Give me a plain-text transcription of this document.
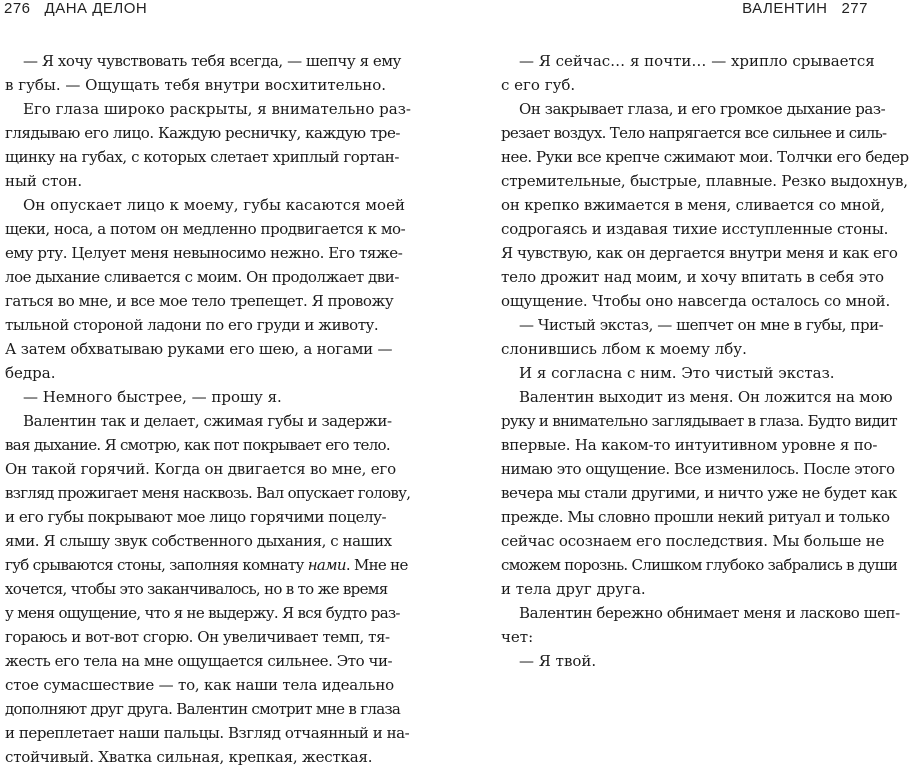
276 ДАНА ДЕЛОН	ВАЛЕНТИН 277
— Я хочу чувствовать тебя всегда, — шепчу я ему
в губы. — Ощущать тебя внутри восхитительно.
Его глаза широко раскрыты, я внимательно раз-
глядываю его лицо. Каждую ресничку, каждую тре-
щинку на губах, с которых слетает хриплый гортан-
ный стон.
Он опускает лицо к моему, губы касаются моей
щеки, носа, а потом он медленно продвигается к мо-
ему рту. Целует меня невыносимо нежно. Его тяже-
лое дыхание сливается с моим. Он продолжает дви-
гаться во мне, и все мое тело трепещет. Я провожу
тыльной стороной ладони по его груди и животу.
А затем обхватываю руками его шею, а ногами —
бедра.
— Немного быстрее, — прошу я.
Валентин так и делает, сжимая губы и задержи-
вая дыхание. Я смотрю, как пот покрывает его тело.
Он такой горячий. Когда он двигается во мне, его
взгляд прожигает меня насквозь. Вал опускает голову,
и его губы покрывают мое лицо горячими поцелу-
ями. Я слышу звук собственного дыхания, с наших
губ срываются стоны, заполняя комнату нами. Мне не
хочется, чтобы это заканчивалось, но в то же время
у меня ощущение, что я не выдержу. Я вся будто раз-
гораюсь и вот-вот сгорю. Он увеличивает темп, тя-
жесть его тела на мне ощущается сильнее. Это чи-
стое сумасшествие — то, как наши тела идеально
дополняют друг друга. Валентин смотрит мне в глаза
и переплетает наши пальцы. Взгляд отчаянный и на-
стойчивый. Хватка сильная, крепкая, жесткая.
— Я сейчас… я почти… — хрипло срывается
с его губ.
Он закрывает глаза, и его громкое дыхание раз-
резает воздух. Тело напрягается все сильнее и силь-
нее. Руки все крепче сжимают мои. Толчки его бедер
стремительные, быстрые, плавные. Резко выдохнув,
он крепко вжимается в меня, сливается со мной,
содрогаясь и издавая тихие исступленные стоны.
Я чувствую, как он дергается внутри меня и как его
тело дрожит над моим, и хочу впитать в себя это
ощущение. Чтобы оно навсегда осталось со мной.
— Чистый экстаз, — шепчет он мне в губы, при-
слонившись лбом к моему лбу.
И я согласна с ним. Это чистый экстаз.
Валентин выходит из меня. Он ложится на мою
руку и внимательно заглядывает в глаза. Будто видит
впервые. На каком-то интуитивном уровне я по-
нимаю это ощущение. Все изменилось. После этого
вечера мы стали другими, и ничто уже не будет как
прежде. Мы словно прошли некий ритуал и только
сейчас осознаем его последствия. Мы больше не
сможем порознь. Слишком глубоко забрались в души
и тела друг друга.
Валентин бережно обнимает меня и ласково шеп-
чет:
— Я твой.
